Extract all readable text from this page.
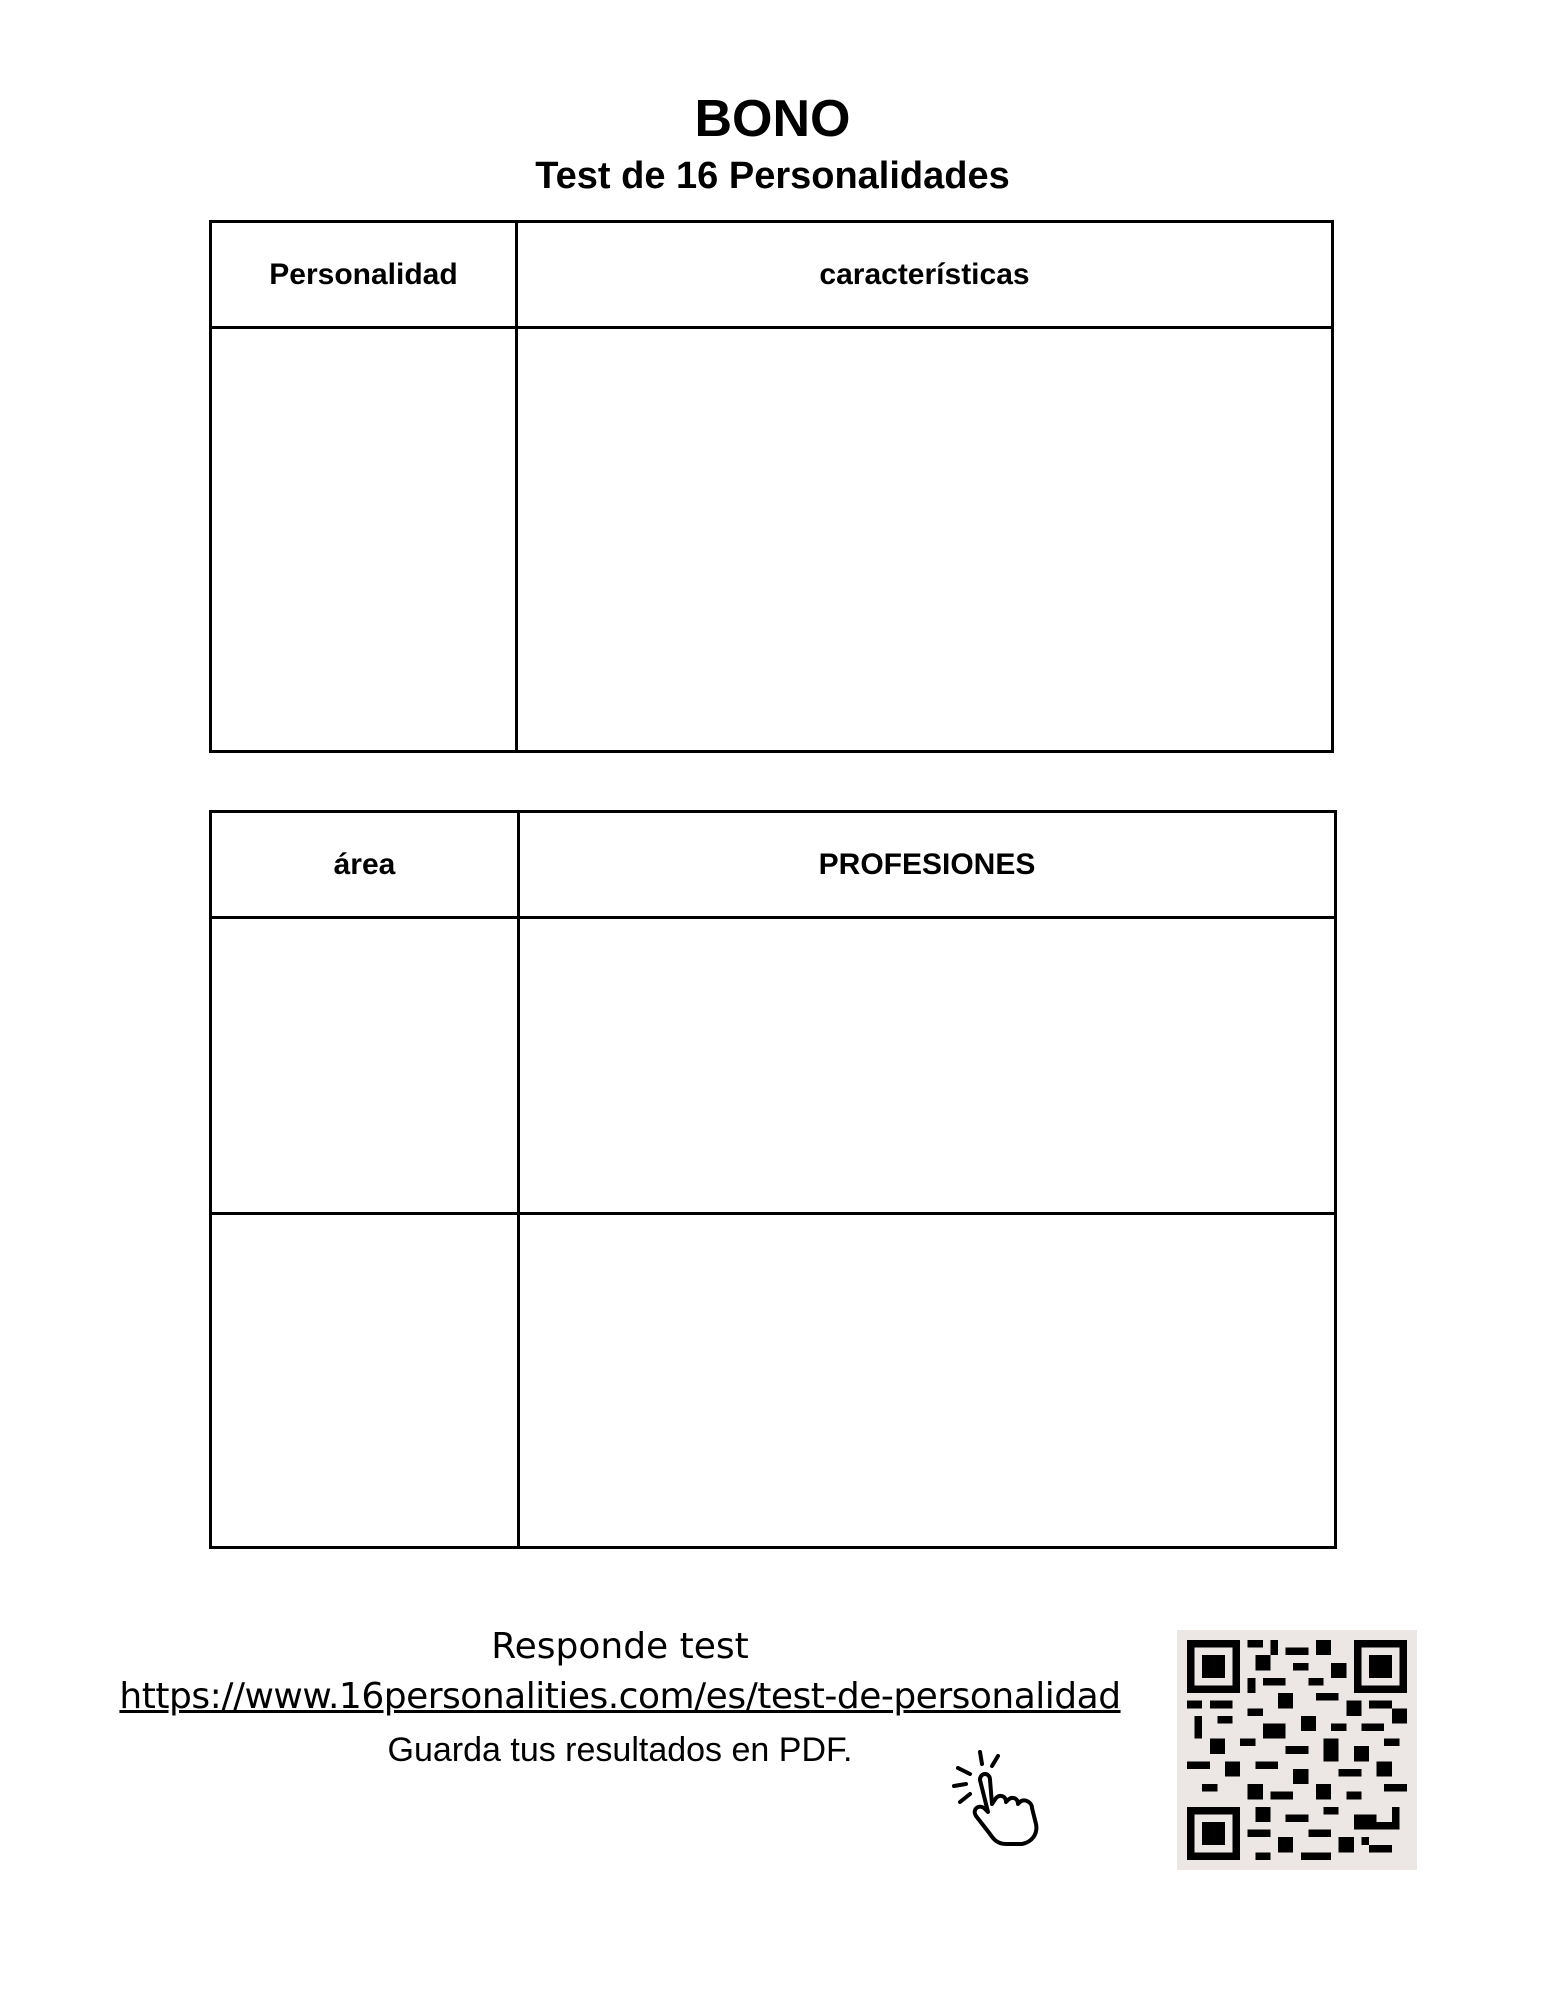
BONO
Test de 16 Personalidades
Personalidad	características

área	PROFESIONES

Responde test
https://www.16personalities.com/es/test-de-personalidad
Guarda tus resultados en PDF.
